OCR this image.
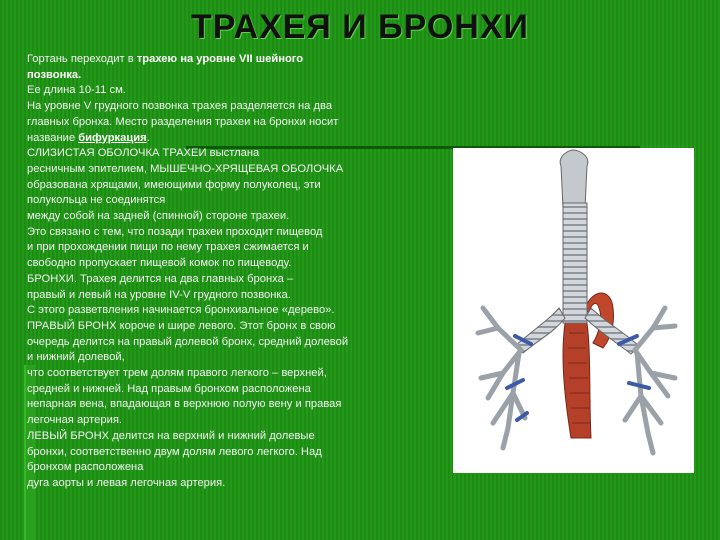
ТРАХЕЯ И БРОНХИ

Гортань переходит в трахею на уровне VII шейного

позвонка.

Ее длина 10-11 см.

На уровне V грудного позвонка трахея разделяется на два

главных бронха. Место разделения трахеи на бронхи носит

название бифуркация.

СЛИЗИСТАЯ ОБОЛОЧКА ТРАХЕИ выстлана

ресничным эпителием, МЫШЕЧНО-ХРЯЩЕВАЯ ОБОЛОЧКА

образована хрящами, имеющими форму полуколец, эти

полукольца не соединятся

между собой на задней (спинной) стороне трахеи.

Это связано с тем, что позади трахеи проходит пищевод

и при прохождении пищи по нему трахея сжимается и

свободно пропускает пищевой комок по пищеводу.

БРОНХИ. Трахея делится на два главных бронха –

правый и левый на уровне IV-V грудного позвонка.

С этого разветвления начинается бронхиальное «дерево».

ПРАВЫЙ БРОНХ короче и шире левого. Этот бронх в свою

очередь делится на правый долевой бронх, средний долевой

и нижний долевой,

что соответствует трем долям правого легкого – верхней,

средней и нижней. Над правым бронхом расположена

непарная вена, впадающая в верхнюю полую вену и правая

легочная артерия.

ЛЕВЫЙ БРОНХ делится на верхний и нижний долевые

бронхи, соответственно двум долям левого легкого. Над

бронхом расположена

дуга аорты и левая легочная артерия.
